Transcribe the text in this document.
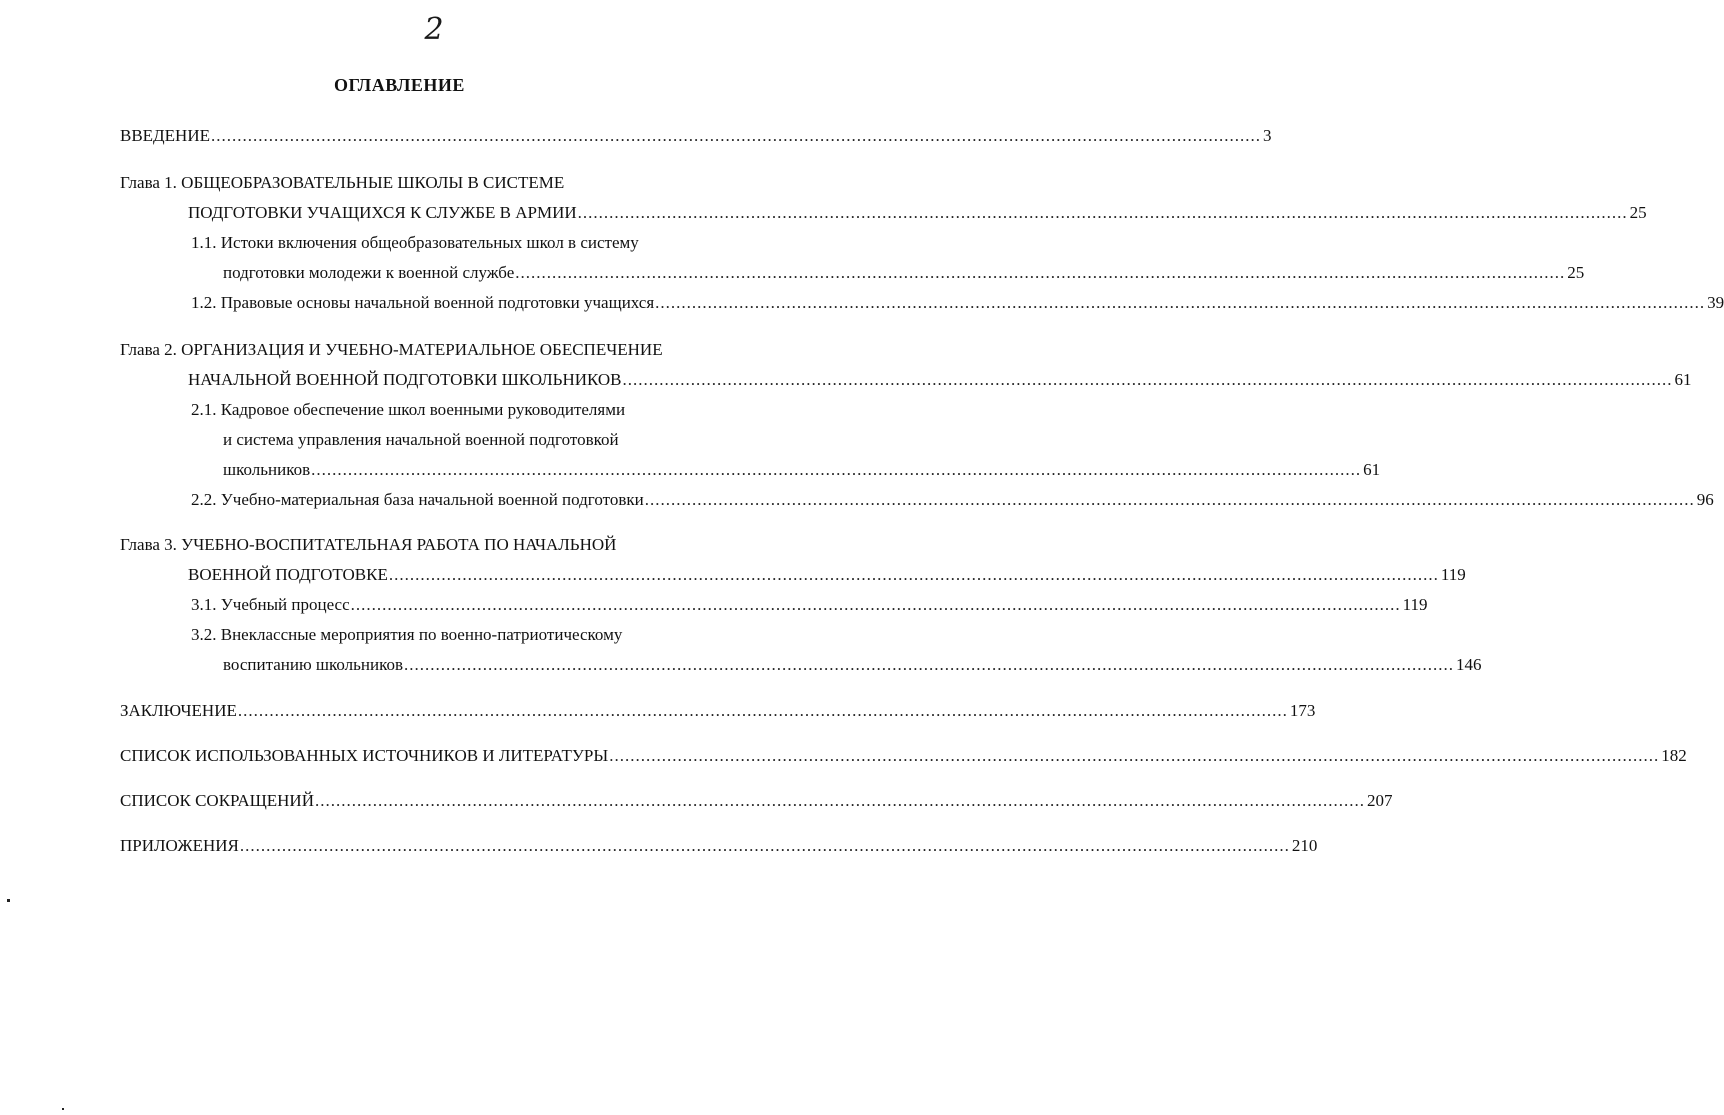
2
ОГЛАВЛЕНИЕ
ВВЕДЕНИЕ ........................................................................................................................................................................................................ 3
Глава 1. ОБЩЕОБРАЗОВАТЕЛЬНЫЕ ШКОЛЫ В СИСТЕМЕ
ПОДГОТОВКИ УЧАЩИХСЯ К СЛУЖБЕ В АРМИИ ........................................................................................................................................................................................................ 25
1.1. Истоки включения общеобразовательных школ в систему
подготовки молодежи к военной службе ........................................................................................................................................................................................................ 25
1.2. Правовые основы начальной военной подготовки учащихся ........................................................................................................................................................................................................ 39
Глава 2. ОРГАНИЗАЦИЯ И УЧЕБНО-МАТЕРИАЛЬНОЕ ОБЕСПЕЧЕНИЕ
НАЧАЛЬНОЙ ВОЕННОЙ ПОДГОТОВКИ ШКОЛЬНИКОВ ........................................................................................................................................................................................................ 61
2.1. Кадровое обеспечение школ военными руководителями
и система управления начальной военной подготовкой
школьников ........................................................................................................................................................................................................ 61
2.2. Учебно-материальная база начальной военной подготовки ........................................................................................................................................................................................................ 96
Глава 3. УЧЕБНО-ВОСПИТАТЕЛЬНАЯ РАБОТА ПО НАЧАЛЬНОЙ
ВОЕННОЙ ПОДГОТОВКЕ ........................................................................................................................................................................................................ 119
3.1. Учебный процесс ........................................................................................................................................................................................................ 119
3.2. Внеклассные мероприятия по военно-патриотическому
воспитанию школьников ........................................................................................................................................................................................................ 146
ЗАКЛЮЧЕНИЕ ........................................................................................................................................................................................................ 173
СПИСОК ИСПОЛЬЗОВАННЫХ ИСТОЧНИКОВ И ЛИТЕРАТУРЫ ........................................................................................................................................................................................................ 182
СПИСОК СОКРАЩЕНИЙ ........................................................................................................................................................................................................ 207
ПРИЛОЖЕНИЯ ........................................................................................................................................................................................................ 210
